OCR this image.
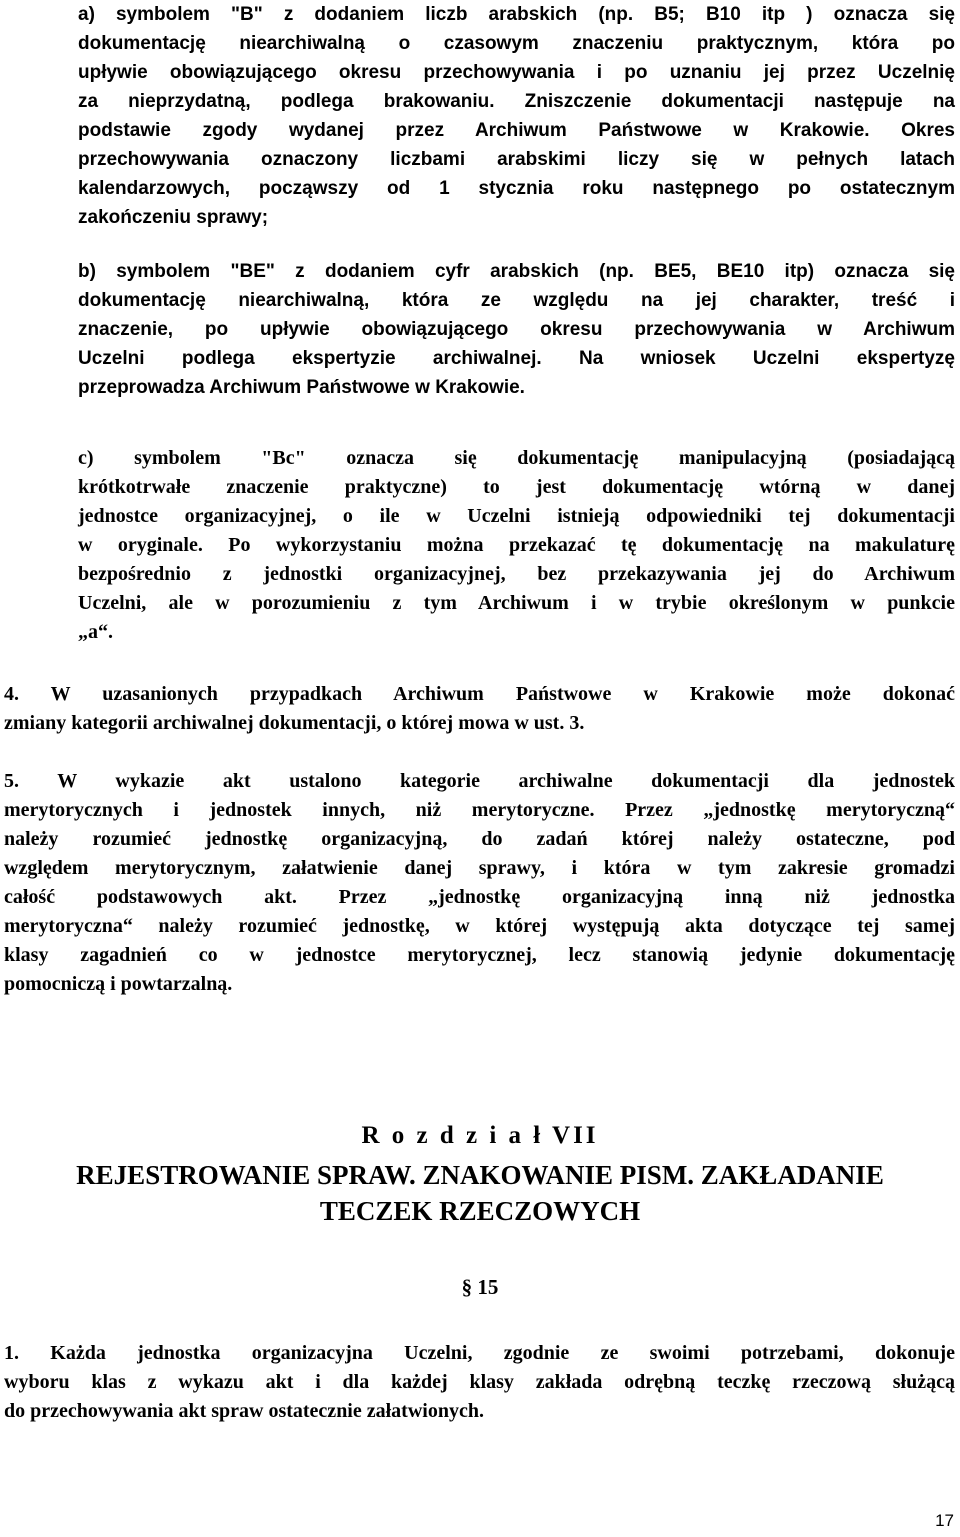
a) symbolem "B" z dodaniem liczb arabskich (np. B5; B10 itp ) oznacza się
dokumentację niearchiwalną o czasowym znaczeniu praktycznym, która po
upływie obowiązującego okresu przechowywania i po uznaniu jej przez Uczelnię
za nieprzydatną, podlega brakowaniu. Zniszczenie dokumentacji następuje na
podstawie zgody wydanej przez Archiwum Państwowe w Krakowie. Okres
przechowywania oznaczony liczbami arabskimi liczy się w pełnych latach
kalendarzowych, począwszy od 1 stycznia roku następnego po ostatecznym
zakończeniu sprawy;
b) symbolem "BE" z dodaniem cyfr arabskich (np. BE5, BE10 itp) oznacza się
dokumentację niearchiwalną, która ze względu na jej charakter, treść i
znaczenie, po upływie obowiązującego okresu przechowywania w Archiwum
Uczelni podlega ekspertyzie archiwalnej. Na wniosek Uczelni ekspertyzę
przeprowadza Archiwum Państwowe w Krakowie.
c) symbolem "Bc" oznacza się dokumentację manipulacyjną (posiadającą
krótkotrwałe znaczenie praktyczne) to jest dokumentację wtórną w danej
jednostce organizacyjnej, o ile w Uczelni istnieją odpowiedniki tej dokumentacji
w oryginale. Po wykorzystaniu można przekazać tę dokumentację na makulaturę
bezpośrednio z jednostki organizacyjnej, bez przekazywania jej do Archiwum
Uczelni, ale w porozumieniu z tym Archiwum i w trybie określonym w punkcie
„a“.
4. W uzasanionych przypadkach Archiwum Państwowe w Krakowie może dokonać
zmiany kategorii archiwalnej dokumentacji, o której mowa w ust. 3.
5. W wykazie akt ustalono kategorie archiwalne dokumentacji dla jednostek
merytorycznych i jednostek innych, niż merytoryczne. Przez „jednostkę merytoryczną“
należy rozumieć jednostkę organizacyjną, do zadań której należy ostateczne, pod
względem merytorycznym, załatwienie danej sprawy, i która w tym zakresie gromadzi
całość podstawowych akt. Przez „jednostkę organizacyjną inną niż jednostka
merytoryczna“ należy rozumieć jednostkę, w której występują akta dotyczące tej samej
klasy zagadnień co w jednostce merytorycznej, lecz stanowią jedynie dokumentację
pomocniczą i powtarzalną.

R o z d z i a ł VII

REJESTROWANIE SPRAW. ZNAKOWANIE PISM. ZAKŁADANIE
TECZEK RZECZOWYCH

§ 15

1. Każda jednostka organizacyjna Uczelni, zgodnie ze swoimi potrzebami, dokonuje
wyboru klas z wykazu akt i dla każdej klasy zakłada odrębną teczkę rzeczową służącą
do przechowywania akt spraw ostatecznie załatwionych.

17
